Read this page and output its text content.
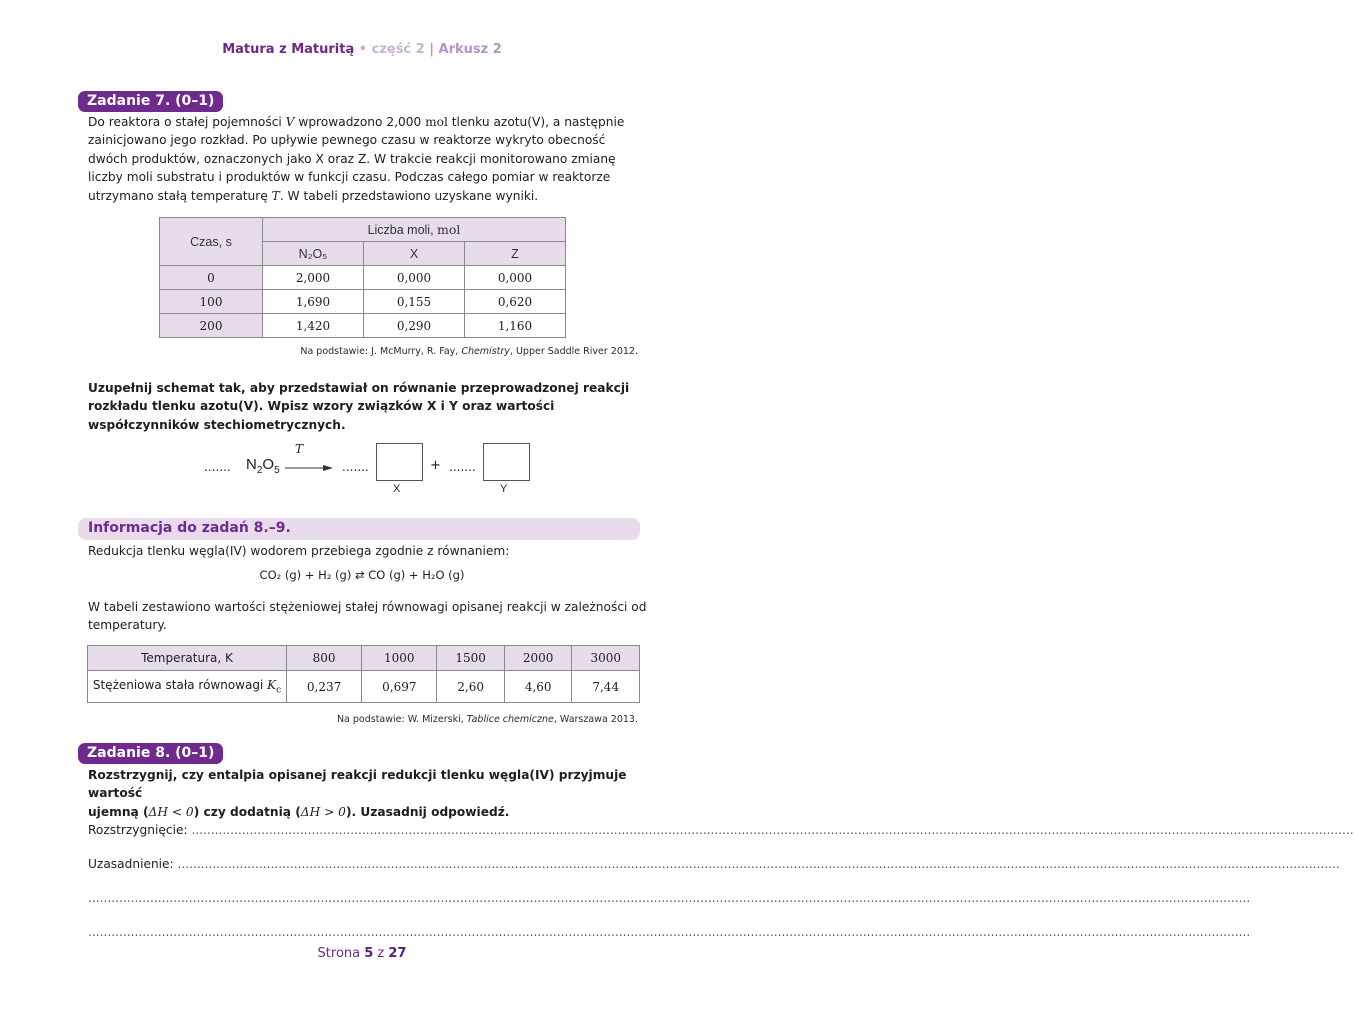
Matura z Maturitą • część 2 | Arkusz 2
Zadanie 7. (0–1)
Do reaktora o stałej pojemności V wprowadzono 2,000 mol tlenku azotu(V), a następnie zainicjowano jego rozkład. Po upływie pewnego czasu w reaktorze wykryto obecność dwóch produktów, oznaczonych jako X oraz Z. W trakcie reakcji monitorowano zmianę liczby moli substratu i produktów w funkcji czasu. Podczas całego pomiar w reaktorze utrzymano stałą temperaturę T. W tabeli przedstawiono uzyskane wyniki.
Czas, s	Liczba moli, mol		
	N₂O₅	X	Z
0	2,000	0,000	0,000
100	1,690	0,155	0,620
200	1,420	0,290	1,160
Na podstawie: J. McMurry, R. Fay, Chemistry, Upper Saddle River 2012.
Uzupełnij schemat tak, aby przedstawiał on równanie przeprowadzonej reakcji rozkładu tlenku azotu(V). Wpisz wzory związków X i Y oraz wartości współczynników stechiometrycznych.
....... $N_2O_5$
T
→ .......
X
+ .......
Y
Informacja do zadań 8.–9.
Redukcja tlenku węgla(IV) wodorem przebiega zgodnie z równaniem:
CO₂ (g) + H₂ (g) ⇄ CO (g) + H₂O (g)
W tabeli zestawiono wartości stężeniowej stałej równowagi opisanej reakcji w zależności od temperatury.
Temperatura, K	800	1000	1500	2000	3000
Stężeniowa stała równowagi $K_c$	0,237	0,697	2,60	4,60	7,44
Na podstawie: W. Mizerski, Tablice chemiczne, Warszawa 2013.
Zadanie 8. (0–1)
Rozstrzygnij, czy entalpia opisanej reakcji redukcji tlenku węgla(IV) przyjmuje wartość
ujemną (ΔH < 0) czy dodatnią (ΔH > 0). Uzasadnij odpowiedź.
Rozstrzygnięcie: ............................................................................................................................................................................................................................................................................................................
Uzasadnienie: ............................................................................................................................................................................................................................................................................................................
............................................................................................................................................................................................................................................................................................................
............................................................................................................................................................................................................................................................................................................
Strona 5 z 27
